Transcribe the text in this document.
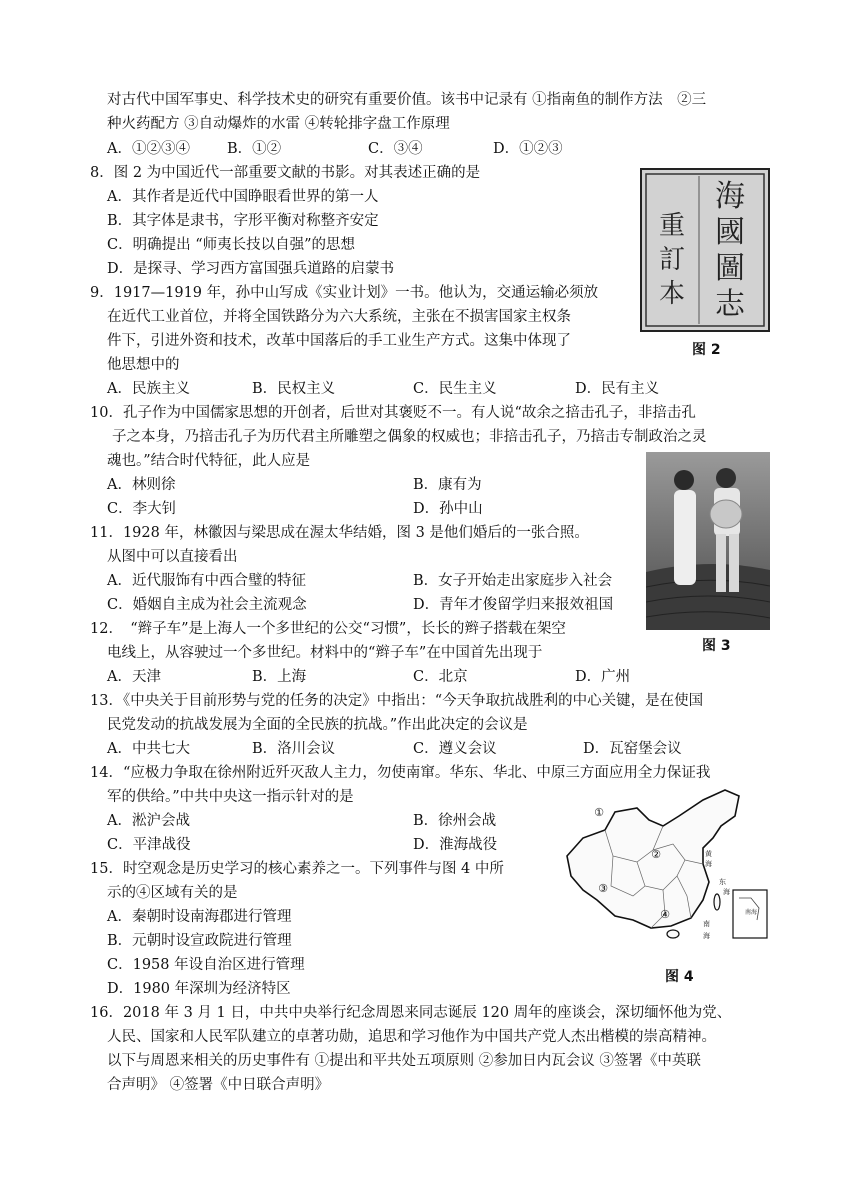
对古代中国军事史、科学技术史的研究有重要价值。该书中记录有 ①指南鱼的制作方法　②三
种火药配方 ③自动爆炸的水雷 ④转轮排字盘工作原理
A．①②③④	B．①②	C．③④	D．①②③
8．图 2 为中国近代一部重要文献的书影。对其表述正确的是
A．其作者是近代中国睁眼看世界的第一人
B．其字体是隶书，字形平衡对称整齐安定
C．明确提出 “师夷长技以自强”的思想
D．是探寻、学习西方富国强兵道路的启蒙书
海
國
圖
志
重
訂
本
图 2
9．1917—1919 年，孙中山写成《实业计划》一书。他认为，交通运输必须放
在近代工业首位，并将全国铁路分为六大系统，主张在不损害国家主权条
件下，引进外资和技术，改革中国落后的手工业生产方式。这集中体现了
他思想中的
A．民族主义	B．民权主义	C．民生主义	D．民有主义
10．孔子作为中国儒家思想的开创者，后世对其褒贬不一。有人说“故余之掊击孔子，非掊击孔
子之本身，乃掊击孔子为历代君主所雕塑之偶象的权威也；非掊击孔子，乃掊击专制政治之灵
魂也。”结合时代特征，此人应是
A．林则徐	B．康有为
C．李大钊	D．孙中山
图 3
11．1928 年，林徽因与梁思成在渥太华结婚，图 3 是他们婚后的一张合照。
从图中可以直接看出
A．近代服饰有中西合璧的特征	B．女子开始走出家庭步入社会
C．婚姻自主成为社会主流观念	D．青年才俊留学归来报效祖国
12．　“辫子车”是上海人一个多世纪的公交“习惯”，长长的辫子搭载在架空
电线上，从容驶过一个多世纪。材料中的“辫子车”在中国首先出现于
A．天津	B．上海	C．北京	D．广州
13．《中央关于目前形势与党的任务的决定》中指出：“今天争取抗战胜利的中心关键，是在使国
民党发动的抗战发展为全面的全民族的抗战。”作出此决定的会议是
A．中共七大	B．洛川会议	C．遵义会议	D．瓦窑堡会议
14．“应极力争取在徐州附近歼灭敌人主力，勿使南窜。华东、华北、中原三方面应用全力保证我
军的供给。”中共中央这一指示针对的是
A．淞沪会战	B．徐州会战
C．平津战役	D．淮海战役
①
②
③
④
黄
海
东
海
南
海
南海
图 4
15．时空观念是历史学习的核心素养之一。下列事件与图 4 中所
示的④区域有关的是
A．秦朝时设南海郡进行管理
B．元朝时设宣政院进行管理
C．1958 年设自治区进行管理
D．1980 年深圳为经济特区
16．2018 年 3 月 1 日，中共中央举行纪念周恩来同志诞辰 120 周年的座谈会，深切缅怀他为党、
人民、国家和人民军队建立的卓著功勋，追思和学习他作为中国共产党人杰出楷模的崇高精神。
以下与周恩来相关的历史事件有 ①提出和平共处五项原则 ②参加日内瓦会议 ③签署《中英联
合声明》 ④签署《中日联合声明》
